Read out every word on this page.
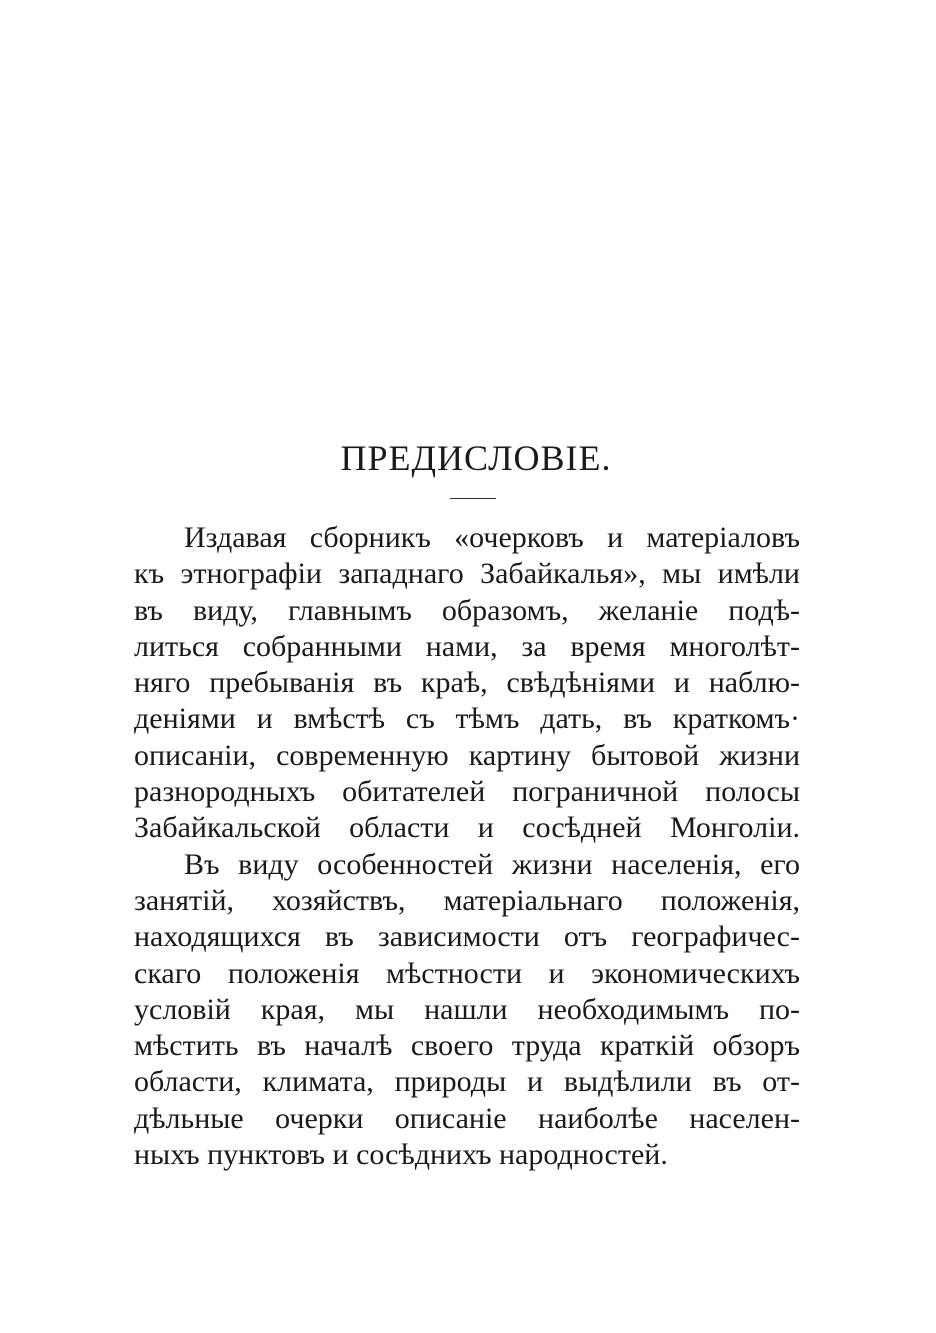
ПРЕДИСЛОВІЕ.
Издавая сборникъ «очерковъ и матеріаловъ
къ этнографіи западнаго Забайкалья», мы имѣли
въ виду, главнымъ образомъ, желаніе подѣ-
литься собранными нами, за время многолѣт-
няго пребыванія въ краѣ, свѣдѣніями и наблю-
деніями и вмѣстѣ съ тѣмъ дать, въ краткомъ·
описаніи, современную картину бытовой жизни
разнородныхъ обитателей пограничной полосы
Забайкальской области и сосѣдней Монголіи.
Въ виду особенностей жизни населенія, его
занятій, хозяйствъ, матеріальнаго положенія,
находящихся въ зависимости отъ географичес-
скаго положенія мѣстности и экономическихъ
условій края, мы нашли необходимымъ по-
мѣстить въ началѣ своего труда краткій обзоръ
области, климата, природы и выдѣлили въ от-
дѣльные очерки описаніе наиболѣе населен-
ныхъ пунктовъ и сосѣднихъ народностей.
